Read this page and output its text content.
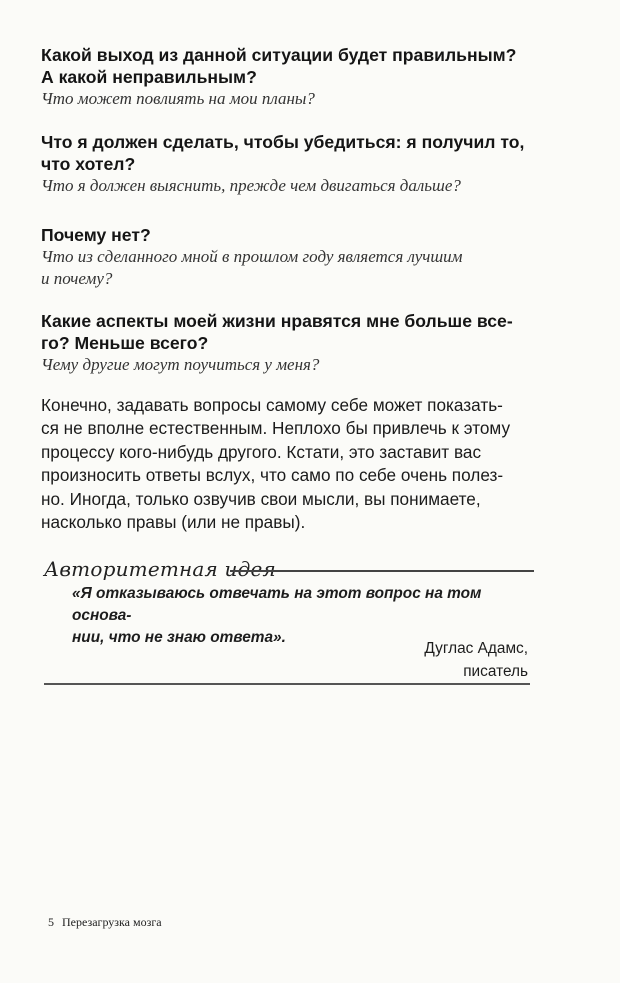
Какой выход из данной ситуации будет правильным?
А какой неправильным?
Что может повлиять на мои планы?
Что я должен сделать, чтобы убедиться: я получил то,
что хотел?
Что я должен выяснить, прежде чем двигаться дальше?
Почему нет?
Что из сделанного мной в прошлом году является лучшим
и почему?
Какие аспекты моей жизни нравятся мне больше все-
го? Меньше всего?
Чему другие могут поучиться у меня?
Конечно, задавать вопросы самому себе может показать-
ся не вполне естественным. Неплохо бы привлечь к этому
процессу кого-нибудь другого. Кстати, это заставит вас
произносить ответы вслух, что само по себе очень полез-
но. Иногда, только озвучив свои мысли, вы понимаете,
насколько правы (или не правы).
Авторитетная идея
«Я отказываюсь отвечать на этот вопрос на том основа-
нии, что не знаю ответа».
Дуглас Адамс,
писатель
5 Перезагрузка мозга
